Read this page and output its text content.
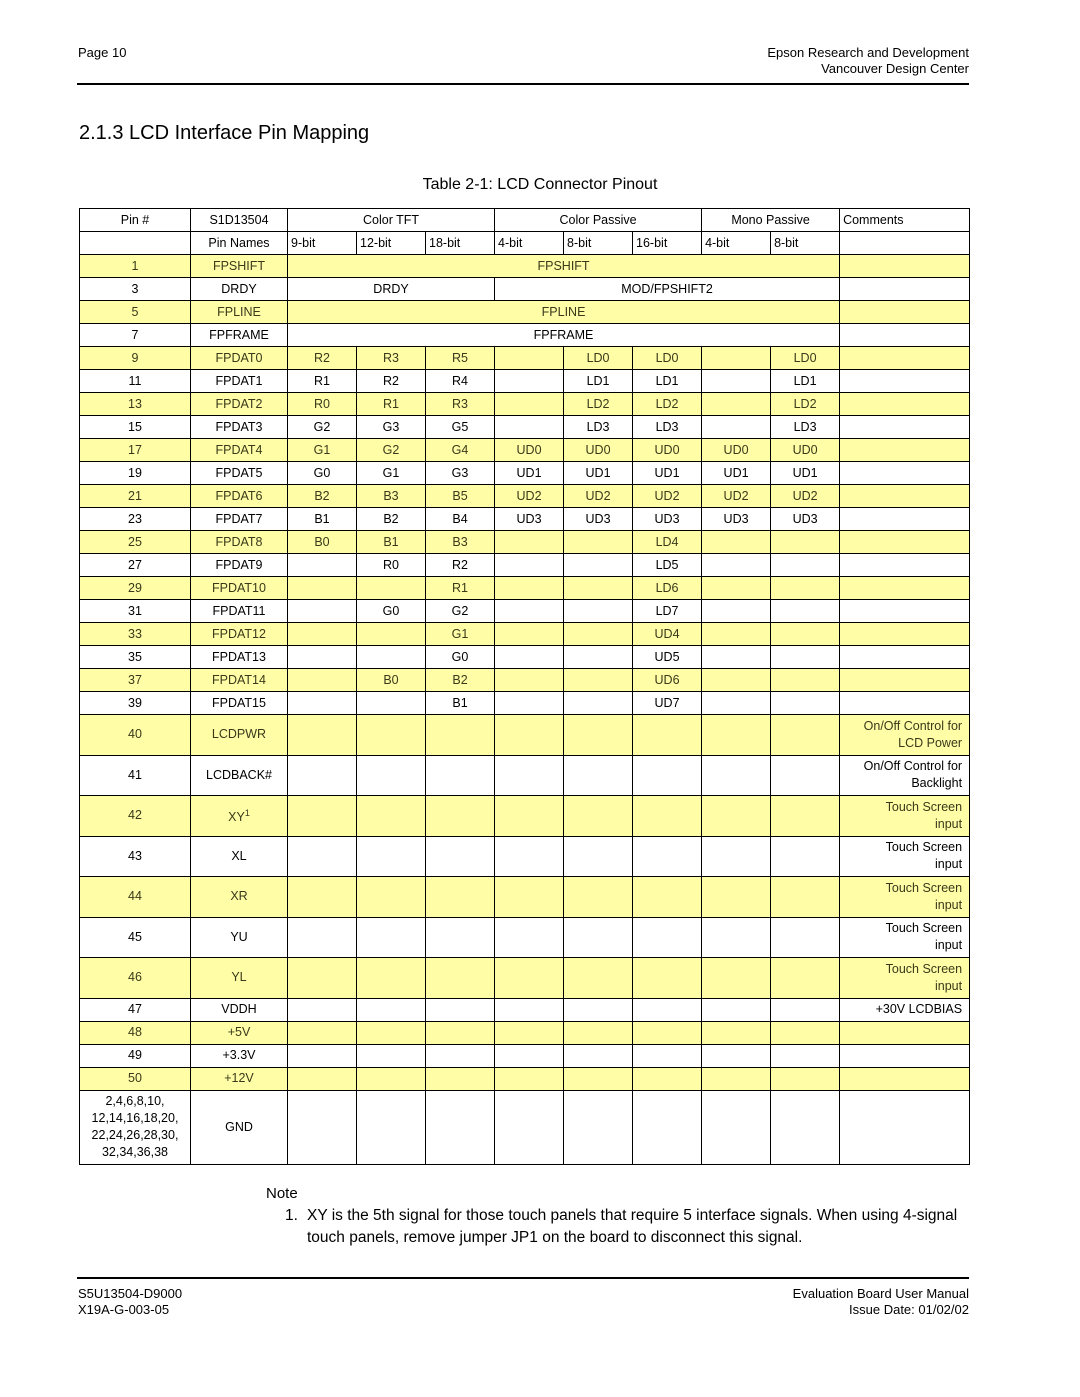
Page 10	Epson Research and Development
Vancouver Design Center
2.1.3 LCD Interface Pin Mapping
Table 2-1: LCD Connector Pinout
Pin #	S1D13504	Color TFT			Color Passive			Mono Passive		Comments
	Pin Names	9-bit	12-bit	18-bit	4-bit	8-bit	16-bit	4-bit	8-bit	
1	FPSHIFT	FPSHIFT								

3	DRDY	DRDY			MOD/FPSHIFT2					

5	FPLINE	FPLINE								

7	FPFRAME	FPFRAME								

9	FPDAT0	R2	R3	R5		LD0	LD0		LD0	

11	FPDAT1	R1	R2	R4		LD1	LD1		LD1	

13	FPDAT2	R0	R1	R3		LD2	LD2		LD2	

15	FPDAT3	G2	G3	G5		LD3	LD3		LD3	

17	FPDAT4	G1	G2	G4	UD0	UD0	UD0	UD0	UD0	

19	FPDAT5	G0	G1	G3	UD1	UD1	UD1	UD1	UD1	

21	FPDAT6	B2	B3	B5	UD2	UD2	UD2	UD2	UD2	

23	FPDAT7	B1	B2	B4	UD3	UD3	UD3	UD3	UD3	

25	FPDAT8	B0	B1	B3			LD4			

27	FPDAT9		R0	R2			LD5			

29	FPDAT10			R1			LD6			

31	FPDAT11		G0	G2			LD7			

33	FPDAT12			G1			UD4			

35	FPDAT13			G0			UD5			

37	FPDAT14		B0	B2			UD6			

39	FPDAT15			B1			UD7			

40	LCDPWR									On/Off Control for
LCD Power

41	LCDBACK#									On/Off Control for
Backlight

42	$XY^1$									Touch Screen
input

43	XL									Touch Screen
input

44	XR									Touch Screen
input

45	YU									Touch Screen
input

46	YL									Touch Screen
input

47	VDDH									+30V LCDBIAS

48	+5V									

49	+3.3V									

50	+12V									

2,4,6,8,10,
12,14,16,18,20,
22,24,26,28,30,
32,34,36,38	GND									
Note
1. XY is the 5th signal for those touch panels that require 5 interface signals. When using 4-signal touch panels, remove jumper JP1 on the board to disconnect this signal.
S5U13504-D9000
X19A-G-003-05
Evaluation Board User Manual
Issue Date: 01/02/02
